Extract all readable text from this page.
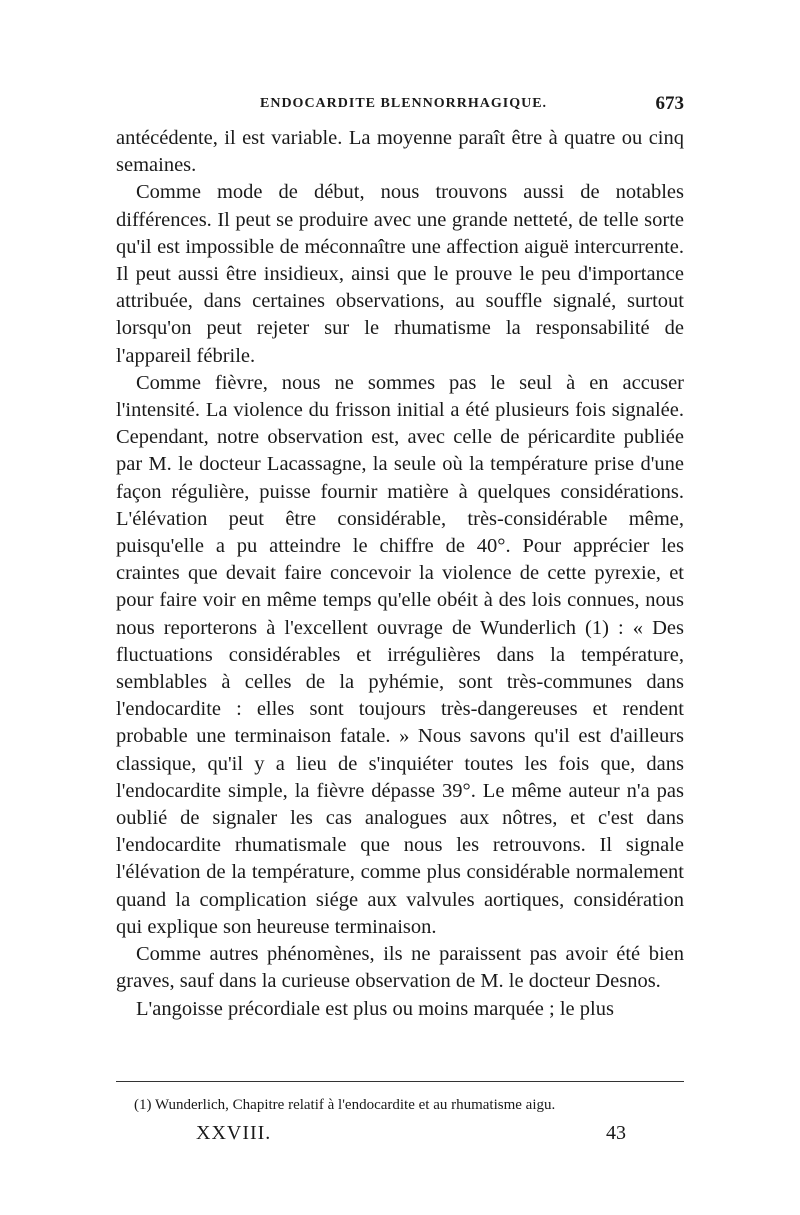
ENDOCARDITE BLENNORRHAGIQUE.	673

antécédente, il est variable. La moyenne paraît être à quatre ou cinq semaines.

Comme mode de début, nous trouvons aussi de notables différences. Il peut se produire avec une grande netteté, de telle sorte qu'il est impossible de méconnaître une affection aiguë intercurrente. Il peut aussi être insidieux, ainsi que le prouve le peu d'importance attribuée, dans certaines observations, au souffle signalé, surtout lorsqu'on peut rejeter sur le rhumatisme la responsabilité de l'appareil fébrile.

Comme fièvre, nous ne sommes pas le seul à en accuser l'intensité. La violence du frisson initial a été plusieurs fois signalée. Cependant, notre observation est, avec celle de péricardite publiée par M. le docteur Lacassagne, la seule où la température prise d'une façon régulière, puisse fournir matière à quelques considérations. L'élévation peut être considérable, très-considérable même, puisqu'elle a pu atteindre le chiffre de 40°. Pour apprécier les craintes que devait faire concevoir la violence de cette pyrexie, et pour faire voir en même temps qu'elle obéit à des lois connues, nous nous reporterons à l'excellent ouvrage de Wunderlich (1) : « Des fluctuations considérables et irrégulières dans la température, semblables à celles de la pyhémie, sont très-communes dans l'endocardite : elles sont toujours très-dangereuses et rendent probable une terminaison fatale. » Nous savons qu'il est d'ailleurs classique, qu'il y a lieu de s'inquiéter toutes les fois que, dans l'endocardite simple, la fièvre dépasse 39°. Le même auteur n'a pas oublié de signaler les cas analogues aux nôtres, et c'est dans l'endocardite rhumatismale que nous les retrouvons. Il signale l'élévation de la température, comme plus considérable normalement quand la complication siége aux valvules aortiques, considération qui explique son heureuse terminaison.

Comme autres phénomènes, ils ne paraissent pas avoir été bien graves, sauf dans la curieuse observation de M. le docteur Desnos.

L'angoisse précordiale est plus ou moins marquée ; le plus

(1) Wunderlich, Chapitre relatif à l'endocardite et au rhumatisme aigu.
XXVIII.	43
